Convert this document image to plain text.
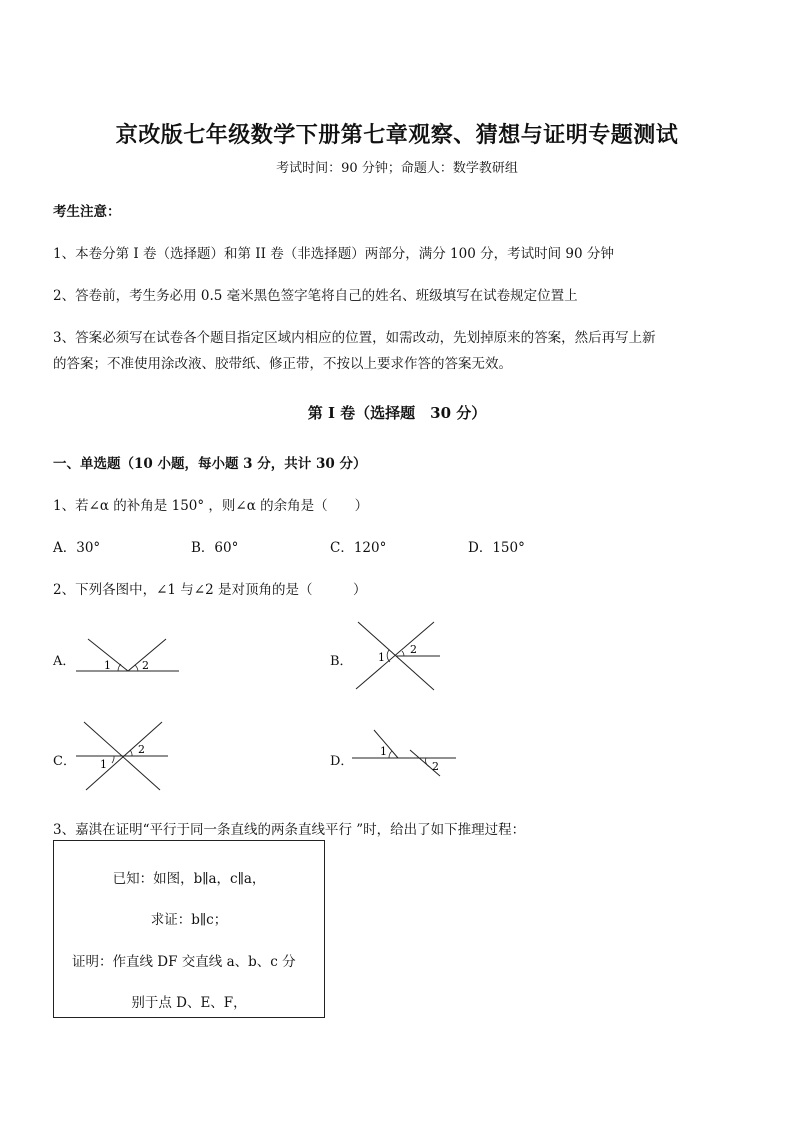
京改版七年级数学下册第七章观察、猜想与证明专题测试
考试时间：90 分钟；命题人：数学教研组
考生注意：
1、本卷分第 I 卷（选择题）和第 II 卷（非选择题）两部分，满分 100 分，考试时间 90 分钟
2、答卷前，考生务必用 0.5 毫米黑色签字笔将自己的姓名、班级填写在试卷规定位置上
3、答案必须写在试卷各个题目指定区域内相应的位置，如需改动，先划掉原来的答案，然后再写上新
的答案；不准使用涂改液、胶带纸、修正带，不按以上要求作答的答案无效。
第 I 卷（选择题　30 分）
一、单选题（10 小题，每小题 3 分，共计 30 分）
1、若∠α 的补角是 150° ，则∠α 的余角是（　　）
A．30°	B．60°	C．120°	D．150°
2、下列各图中，∠1 与∠2 是对顶角的是（　　　）
A．	1	2	B． 1
2
C． 1
2
D．
1
2
3、嘉淇在证明“平行于同一条直线的两条直线平行 ”时，给出了如下推理过程：
已知：如图，b∥a，c∥a，
求证：b∥c；
证明：作直线 DF 交直线 a、b、c 分
别于点 D、E、F，
